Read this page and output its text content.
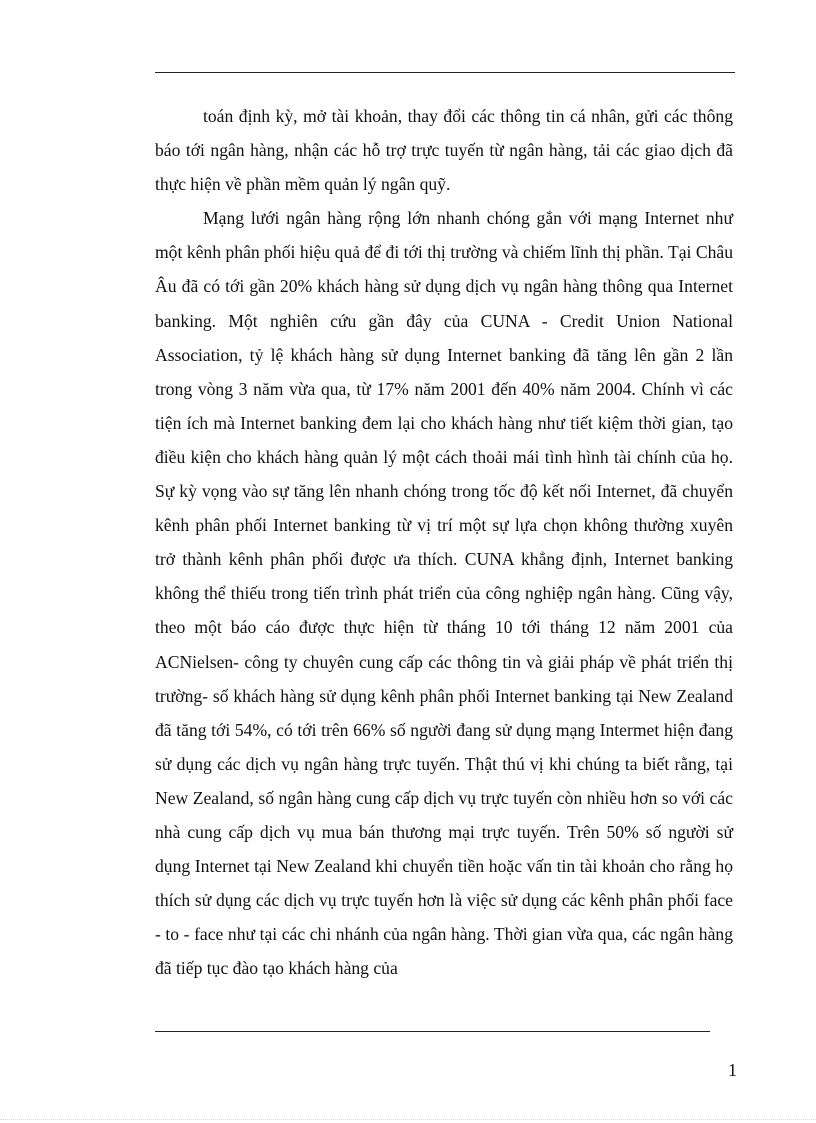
toán định kỳ, mở tài khoản, thay đổi các thông tin cá nhân, gửi các thông báo tới ngân hàng, nhận các hỗ trợ trực tuyến từ ngân hàng, tải các giao dịch đã thực hiện về phần mềm quản lý ngân quỹ.

Mạng lưới ngân hàng rộng lớn nhanh chóng gắn với mạng Internet như một kênh phân phối hiệu quả để đi tới thị trường và chiếm lĩnh thị phần. Tại Châu Âu đã có tới gần 20% khách hàng sử dụng dịch vụ ngân hàng thông qua Internet banking. Một nghiên cứu gần đây của CUNA - Credit Union National Association, tỷ lệ khách hàng sử dụng Internet banking đã tăng lên gần 2 lần trong vòng 3 năm vừa qua, từ 17% năm 2001 đến 40% năm 2004. Chính vì các tiện ích mà Internet banking đem lại cho khách hàng như tiết kiệm thời gian, tạo điều kiện cho khách hàng quản lý một cách thoải mái tình hình tài chính của họ. Sự kỳ vọng vào sự tăng lên nhanh chóng trong tốc độ kết nối Internet, đã chuyển kênh phân phối Internet banking từ vị trí một sự lựa chọn không thường xuyên trở thành kênh phân phối được ưa thích. CUNA khẳng định, Internet banking không thể thiếu trong tiến trình phát triển của công nghiệp ngân hàng. Cũng vậy, theo một báo cáo được thực hiện từ tháng 10 tới tháng 12 năm 2001 của ACNielsen- công ty chuyên cung cấp các thông tin và giải pháp về phát triển thị trường- số khách hàng sử dụng kênh phân phối Internet banking tại New Zealand đã tăng tới 54%, có tới trên 66% số người đang sử dụng mạng Intermet hiện đang sử dụng các dịch vụ ngân hàng trực tuyến. Thật thú vị khi chúng ta biết rằng, tại New Zealand, số ngân hàng cung cấp dịch vụ trực tuyến còn nhiều hơn so với các nhà cung cấp dịch vụ mua bán thương mại trực tuyến. Trên 50% số người sử dụng Internet tại New Zealand khi chuyển tiền hoặc vấn tin tài khoản cho rằng họ thích sử dụng các dịch vụ trực tuyến hơn là việc sử dụng các kênh phân phối face - to - face như tại các chi nhánh của ngân hàng. Thời gian vừa qua, các ngân hàng đã tiếp tục đào tạo khách hàng của

1
